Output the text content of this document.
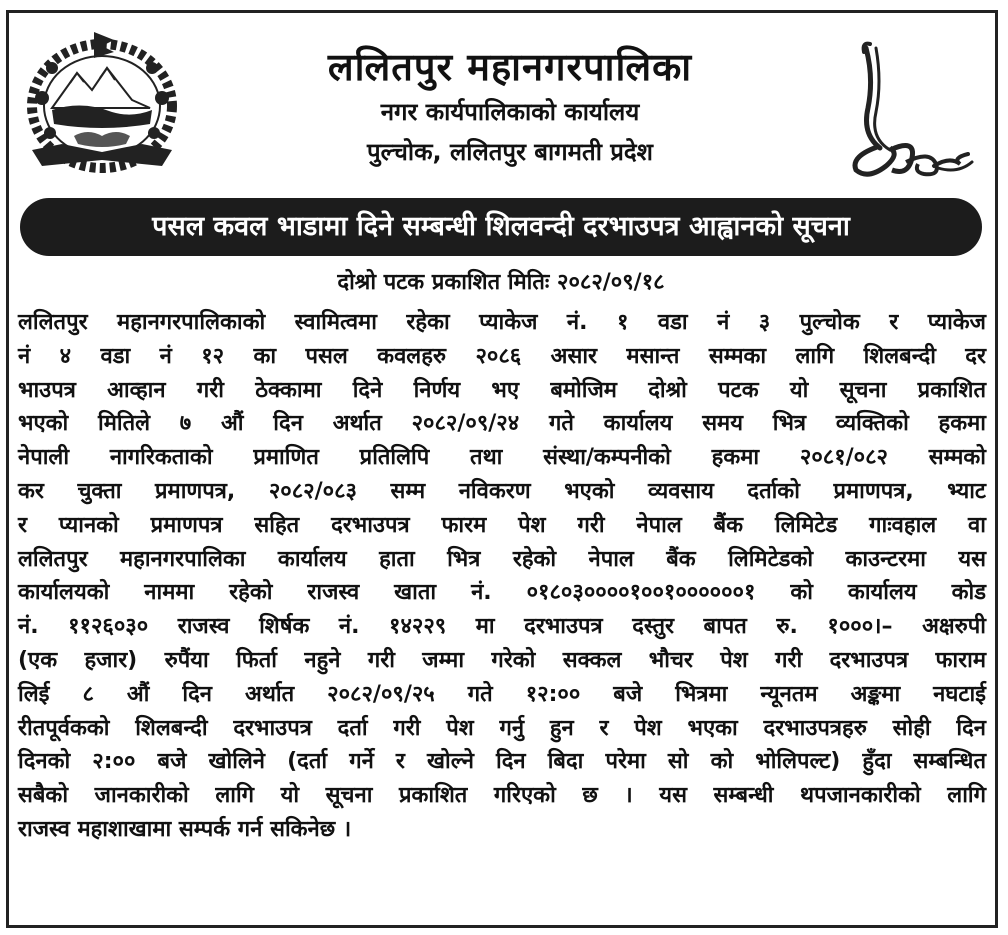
ललितपुर महानगरपालिका
नगर कार्यपालिकाको कार्यालय
पुल्चोक, ललितपुर बागमती प्रदेश
पसल कवल भाडामा दिने सम्बन्धी शिलवन्दी दरभाउपत्र आह्वानको सूचना
दोश्रो पटक प्रकाशित मितिः २०८२/०९/१८
ललितपुर महानगरपालिकाको स्वामित्वमा रहेका प्याकेज नं. १ वडा नं ३ पुल्चोक र प्याकेज
नं ४ वडा नं १२ का पसल कवलहरु २०८६ असार मसान्त सम्मका लागि शिलबन्दी दर
भाउपत्र आव्हान गरी ठेक्कामा दिने निर्णय भए बमोजिम दोश्रो पटक यो सूचना प्रकाशित
भएको मितिले ७ औं दिन अर्थात २०८२/०९/२४ गते कार्यालय समय भित्र व्यक्तिको हकमा
नेपाली नागरिकताको प्रमाणित प्रतिलिपि तथा संस्था/कम्पनीको हकमा २०८१/०८२ सम्मको
कर चुक्ता प्रमाणपत्र, २०८२/०८३ सम्म नविकरण भएको व्यवसाय दर्ताको प्रमाणपत्र, भ्याट
र प्यानको प्रमाणपत्र सहित दरभाउपत्र फारम पेश गरी नेपाल बैंक लिमिटेड गाःवहाल वा
ललितपुर महानगरपालिका कार्यालय हाता भित्र रहेको नेपाल बैंक लिमिटेडको काउन्टरमा यस
कार्यालयको नाममा रहेको राजस्व खाता नं. ०१८०३००००१००१००००००१ को कार्यालय कोड
नं. ११२६०३० राजस्व शिर्षक नं. १४२२९ मा दरभाउपत्र दस्तुर बापत रु. १०००।– अक्षरुपी
(एक हजार) रुपैंया फिर्ता नहुने गरी जम्मा गरेको सक्कल भौचर पेश गरी दरभाउपत्र फाराम
लिई ८ औं दिन अर्थात २०८२/०९/२५ गते १२:०० बजे भित्रमा न्यूनतम अङ्कमा नघटाई
रीतपूर्वकको शिलबन्दी दरभाउपत्र दर्ता गरी पेश गर्नु हुन र पेश भएका दरभाउपत्रहरु सोही दिन
दिनको २:०० बजे खोलिने (दर्ता गर्ने र खोल्ने दिन बिदा परेमा सो को भोलिपल्ट) हुँदा सम्बन्धित
सबैको जानकारीको लागि यो सूचना प्रकाशित गरिएको छ । यस सम्बन्धी थपजानकारीको लागि
राजस्व महाशाखामा सम्पर्क गर्न सकिनेछ ।
